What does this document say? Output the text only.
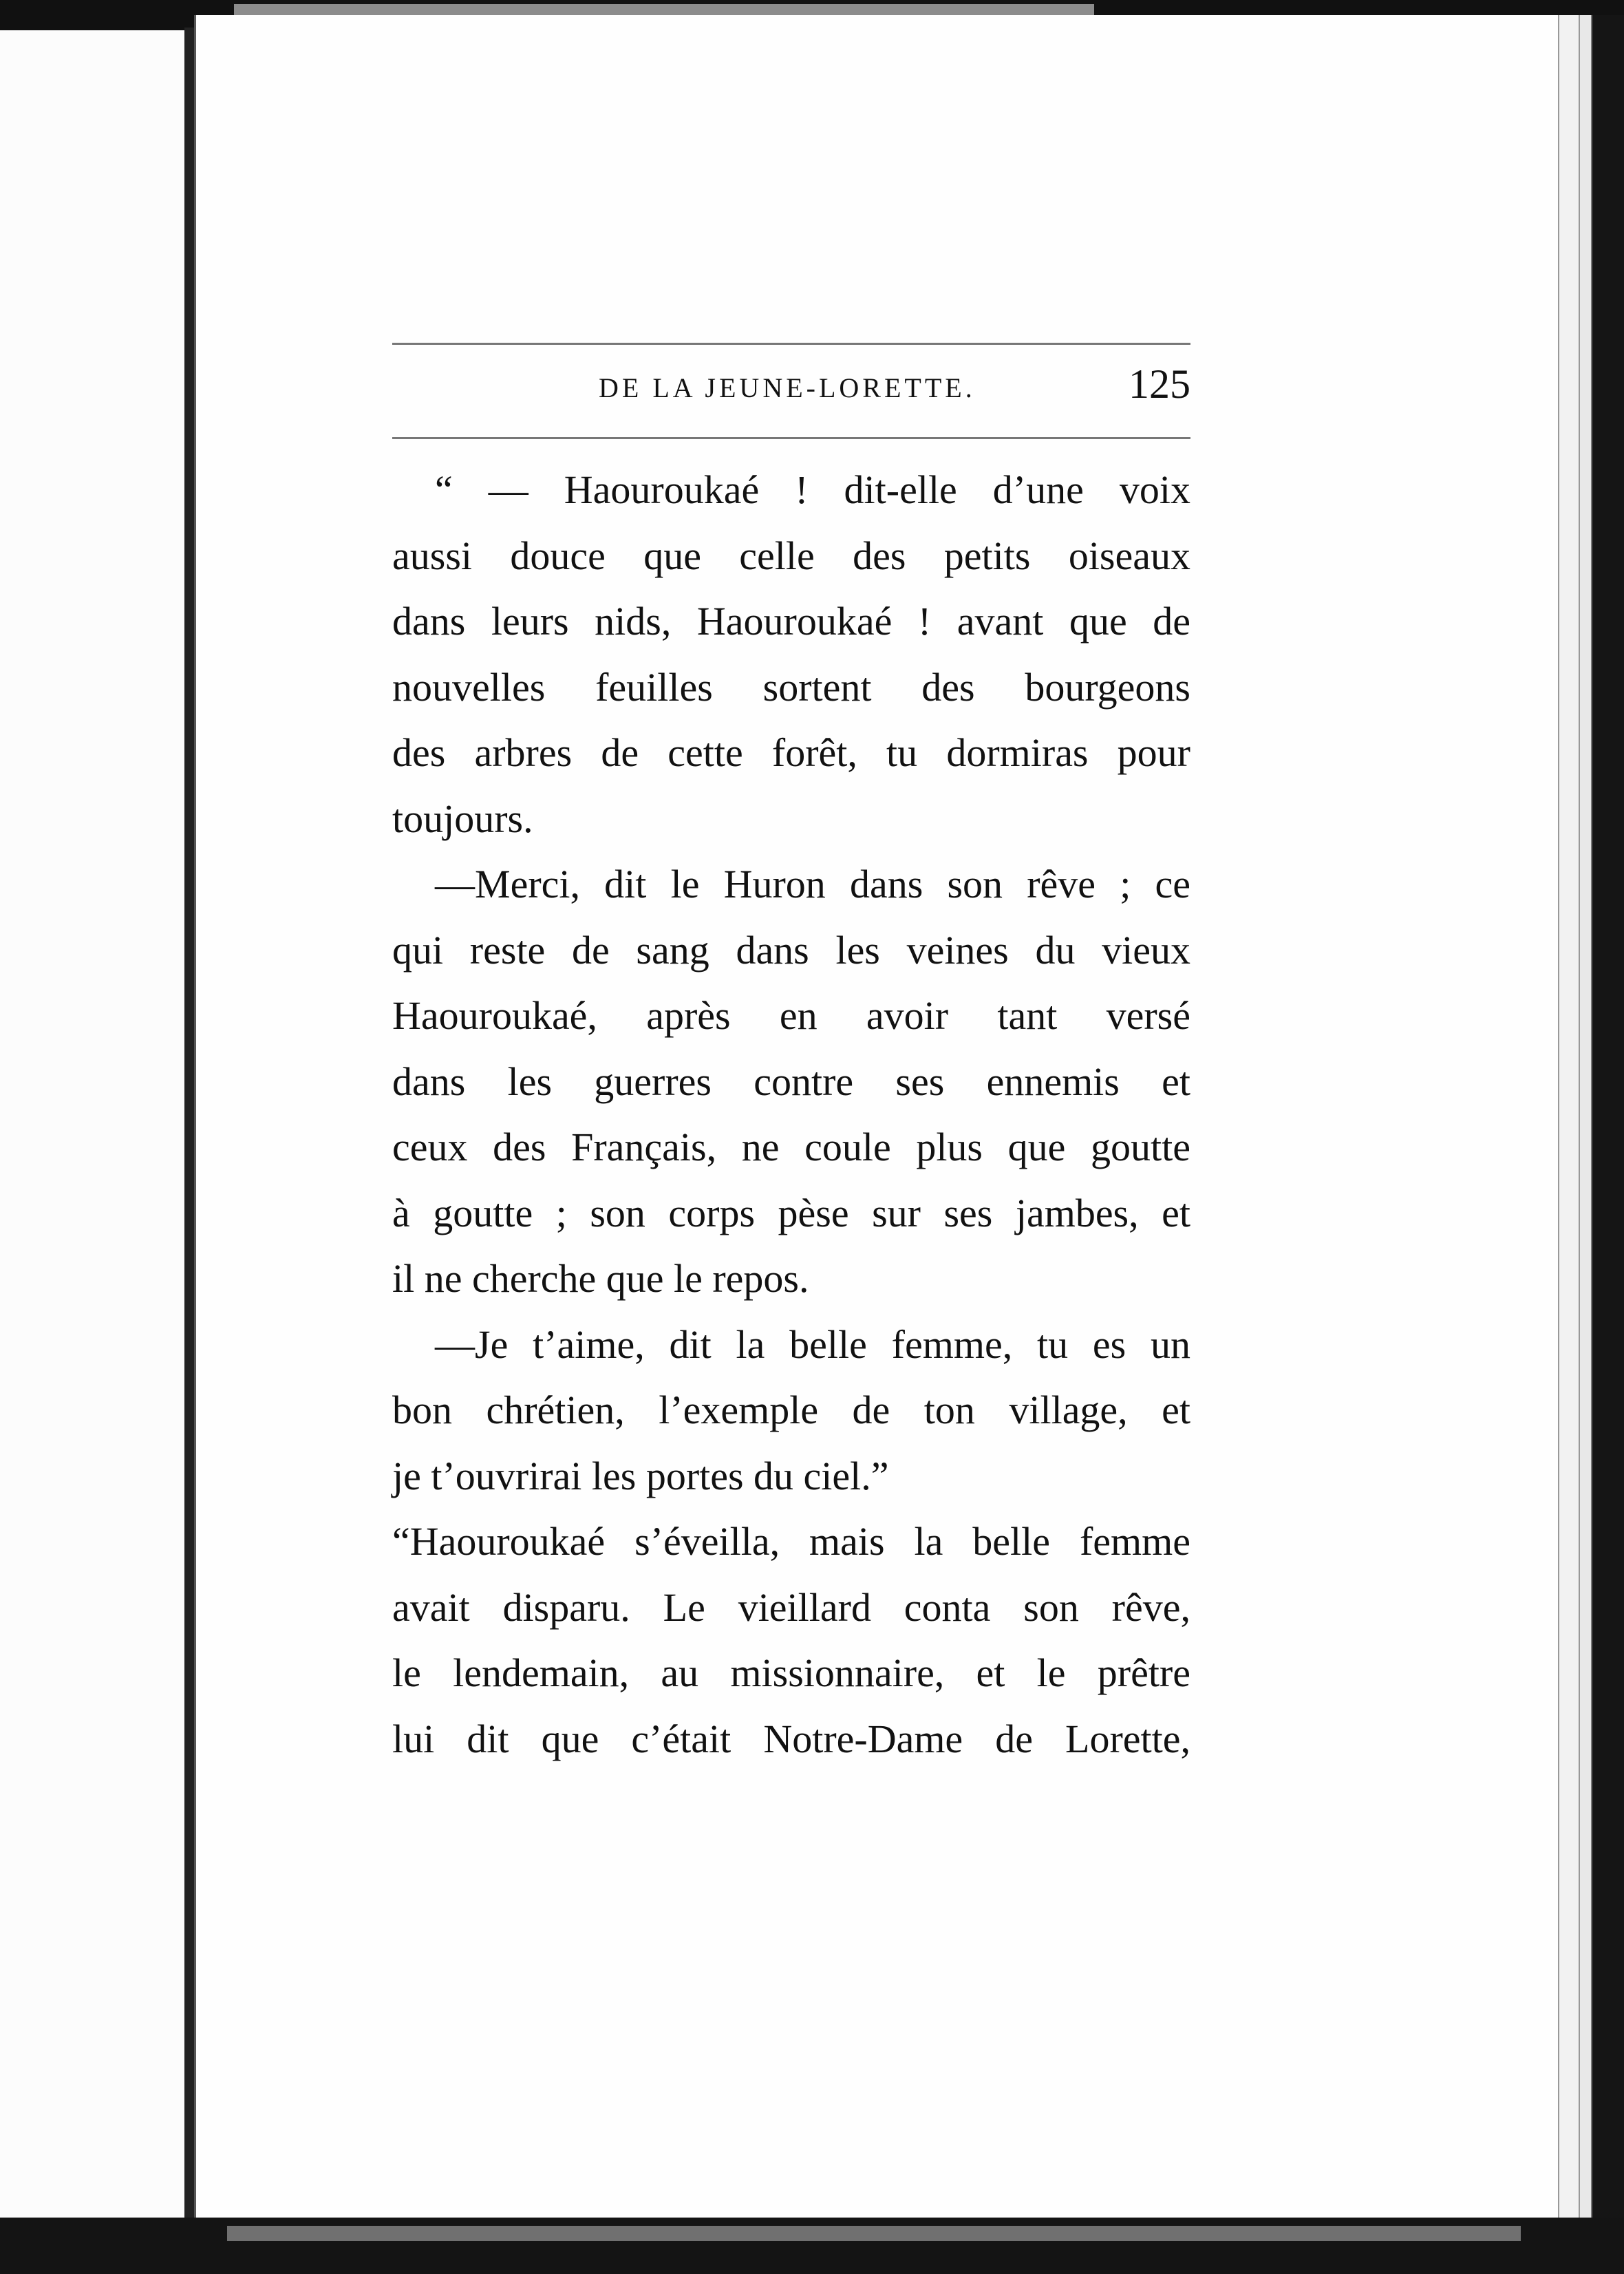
DE LA JEUNE-LORETTE.	125
“ — Haouroukaé ! dit-elle d’une voix
aussi douce que celle des petits oiseaux
dans leurs nids, Haouroukaé ! avant que de
nouvelles feuilles sortent des bourgeons
des arbres de cette forêt, tu dormiras pour
toujours.
—Merci, dit le Huron dans son rêve ; ce
qui reste de sang dans les veines du vieux
Haouroukaé, après en avoir tant versé
dans les guerres contre ses ennemis et
ceux des Français, ne coule plus que goutte
à goutte ; son corps pèse sur ses jambes, et
il ne cherche que le repos.
—Je t’aime, dit la belle femme, tu es un
bon chrétien, l’exemple de ton village, et
je t’ouvrirai les portes du ciel.”
“Haouroukaé s’éveilla, mais la belle femme
avait disparu. Le vieillard conta son rêve,
le lendemain, au missionnaire, et le prêtre
lui dit que c’était Notre-Dame de Lorette,
